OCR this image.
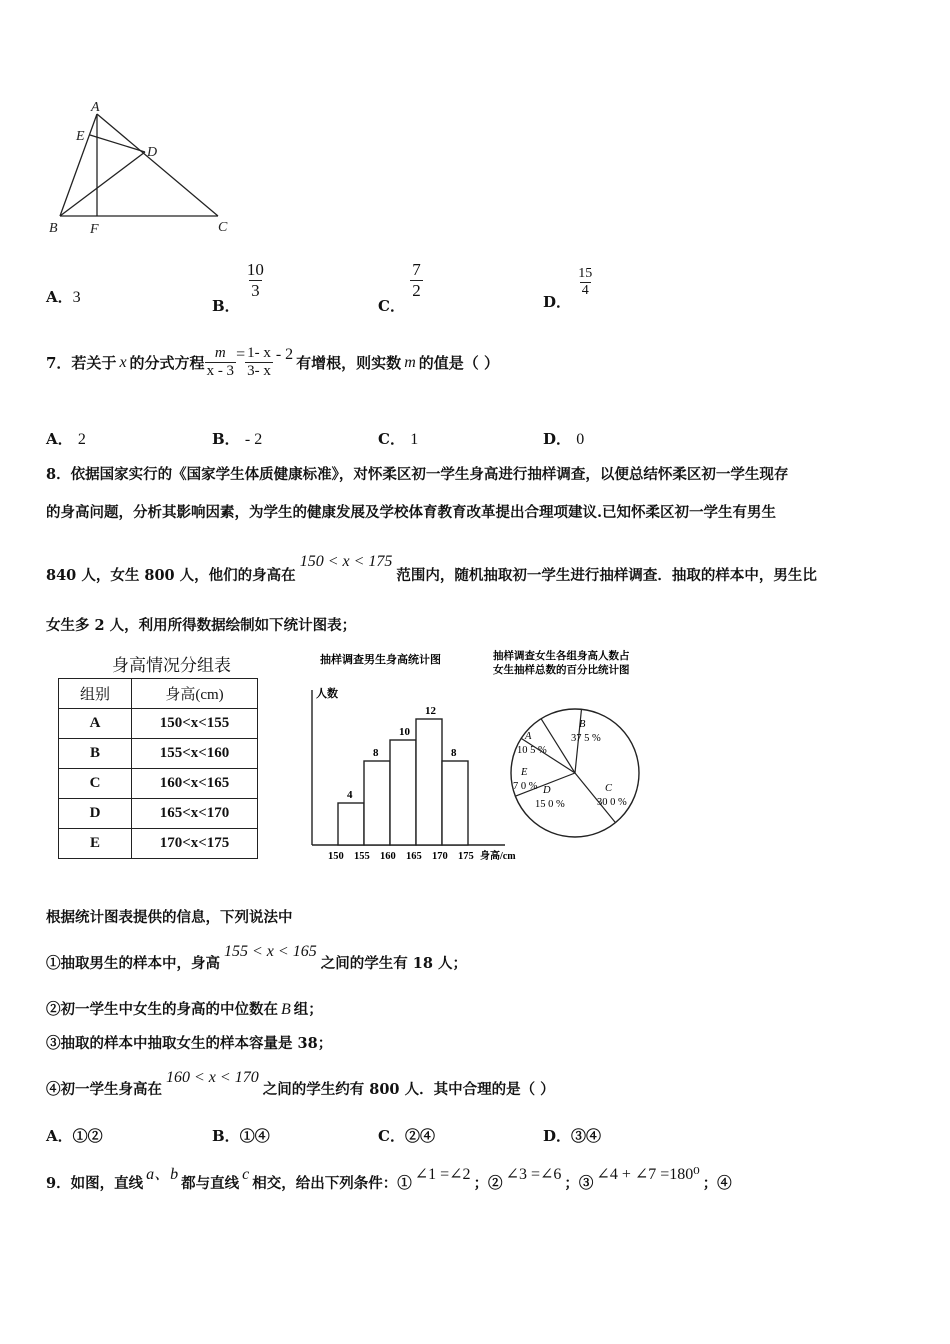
A
E
D
B F	C
A．3	B．
$\frac{10}{3}$
C．
$\frac{7}{2}$
D．
$\frac{15}{4}$
7．若关于 x 的分式方程 $\frac{m}{x - 3} = \frac{1- x}{3- x} - 2$ 有增根，则实数 m 的值是（ ）
A． 2	B． - 2	C． 1	D． 0
8．依据国家实行的《国家学生体质健康标准》，对怀柔区初一学生身高进行抽样调查，以便总结怀柔区初一学生现存
的身高问题，分析其影响因素，为学生的健康发展及学校体育教育改革提出合理项建议.已知怀柔区初一学生有男生
840 人，女生 800 人，他们的身高在150 < x < 175范围内，随机抽取初一学生进行抽样调查．抽取的样本中，男生比
女生多 2 人，利用所得数据绘制如下统计图表；
身高情况分组表
组别	身高(cm)
A	150<x<155
B	155<x<160
C	160<x<165
D	165<x<170
E	170<x<175
抽样调查男生身高统计图
人数
身高/cm
4
8
10
12
8
150 155 160 165 170 175
抽样调查女生各组身高人数占
女生抽样总数的百分比统计图
A
10 5 %
B
37 5 %
C
30 0 %
D
15 0 %
E
7 0 %
根据统计图表提供的信息，下列说法中
①抽取男生的样本中，身高155 < x < 165之间的学生有 18 人；
②初一学生中女生的身高的中位数在 B 组；
③抽取的样本中抽取女生的样本容量是 38；
④初一学生身高在160 < x < 170之间的学生约有 800 人．其中合理的是（ ）
A．①②	B．①④	C．②④	D．③④
9．如图，直线a、b都与直线c相交，给出下列条件：①∠1 =∠2；②∠3 =∠6；③∠4 + ∠7 =180⁰；④
